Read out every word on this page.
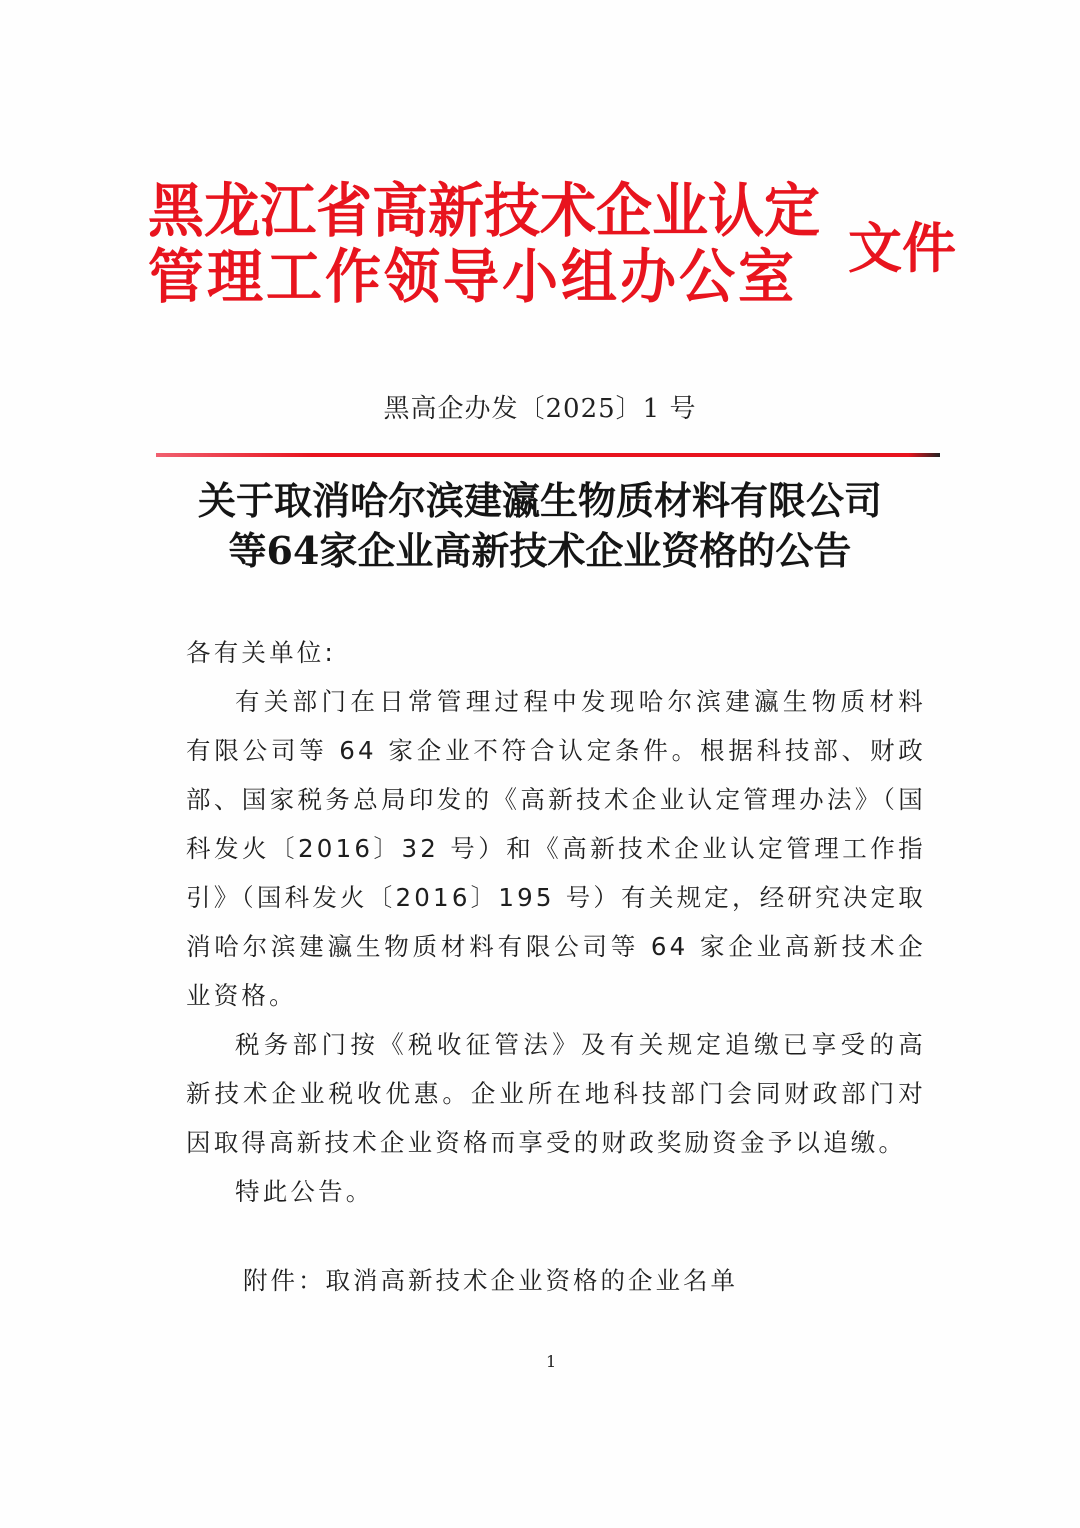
黑龙江省高新技术企业认定
管理工作领导小组办公室 文件
黑高企办发〔2025〕1 号
关于取消哈尔滨建瀛生物质材料有限公司
等64家企业高新技术企业资格的公告

各有关单位:

有关部门在日常管理过程中发现哈尔滨建瀛生物质材料有限公司等 64 家企业不符合认定条件。根据科技部、财政部、国家税务总局印发的《高新技术企业认定管理办法》（国科发火〔2016〕32 号）和《高新技术企业认定管理工作指引》（国科发火〔2016〕195 号）有关规定，经研究决定取消哈尔滨建瀛生物质材料有限公司等 64 家企业高新技术企业资格。

税务部门按《税收征管法》及有关规定追缴已享受的高新技术企业税收优惠。企业所在地科技部门会同财政部门对因取得高新技术企业资格而享受的财政奖励资金予以追缴。

特此公告。

附件：取消高新技术企业资格的企业名单
1
